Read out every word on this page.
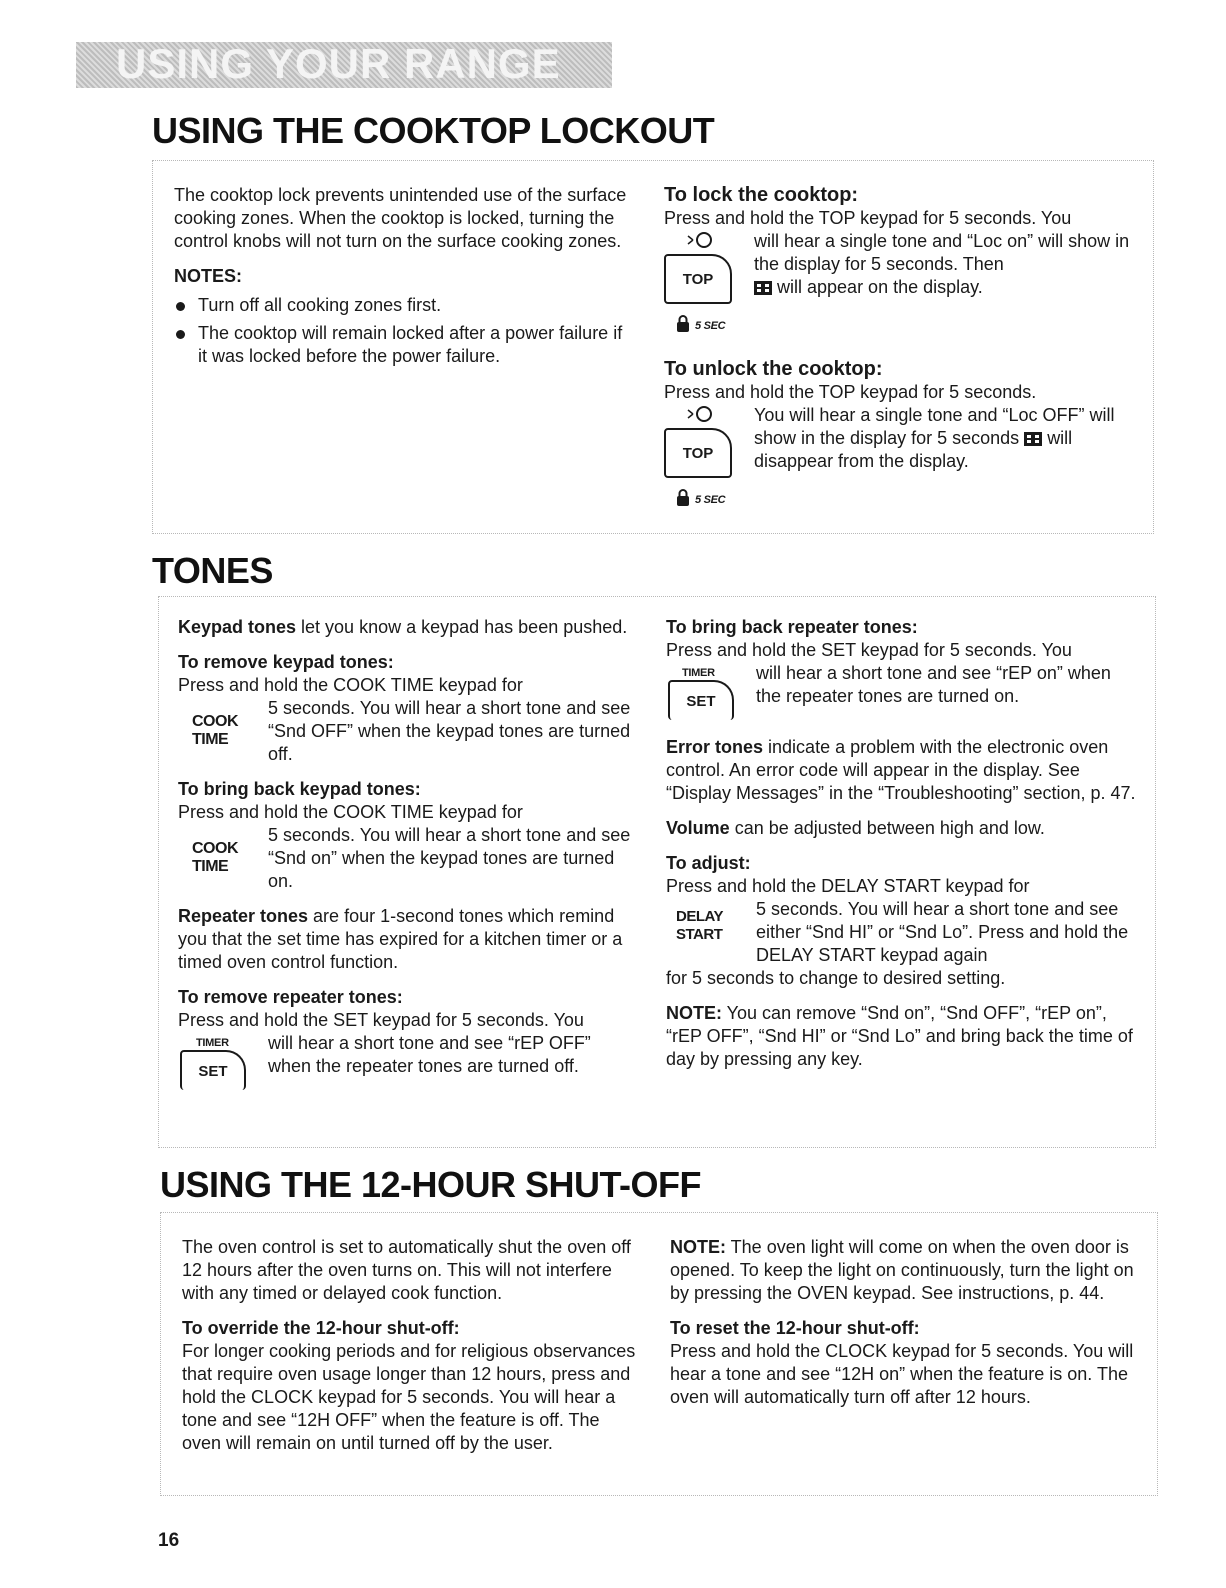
USING YOUR RANGE
USING THE COOKTOP LOCKOUT

The cooktop lock prevents unintended use of the surface cooking zones. When the cooktop is locked, turning the control knobs will not turn on the surface cooking zones.

NOTES:

Turn off all cooking zones first.
The cooktop will remain locked after a power failure if it was locked before the power failure.

To lock the cooktop:

Press and hold the TOP keypad for 5 seconds. You

TOP
5 SEC
will hear a single tone and “Loc on” will show in the display for 5 seconds. Then
will appear on the display.

To unlock the cooktop:

Press and hold the TOP keypad for 5 seconds.

TOP
5 SEC
You will hear a single tone and “Loc OFF” will show in the display for 5 seconds will disappear from the display.
TONES

Keypad tones let you know a keypad has been pushed.

To remove keypad tones:

Press and hold the COOK TIME keypad for

COOK
TIME
5 seconds. You will hear a short tone and see “Snd OFF” when the keypad tones are turned off.

To bring back keypad tones:

Press and hold the COOK TIME keypad for

COOK
TIME
5 seconds. You will hear a short tone and see “Snd on” when the keypad tones are turned on.

Repeater tones are four 1-second tones which remind you that the set time has expired for a kitchen timer or a timed oven control function.

To remove repeater tones:

Press and hold the SET keypad for 5 seconds. You

TIMER
SET
will hear a short tone and see “rEP OFF” when the repeater tones are turned off.

To bring back repeater tones:

Press and hold the SET keypad for 5 seconds. You

TIMER
SET
will hear a short tone and see “rEP on” when the repeater tones are turned on.

Error tones indicate a problem with the electronic oven control. An error code will appear in the display. See “Display Messages” in the “Troubleshooting” section, p. 47.

Volume can be adjusted between high and low.

To adjust:

Press and hold the DELAY START keypad for

DELAY
START
5 seconds. You will hear a short tone and see either “Snd HI” or “Snd Lo”. Press and hold the DELAY START keypad again

for 5 seconds to change to desired setting.

NOTE: You can remove “Snd on”, “Snd OFF”, “rEP on”, “rEP OFF”, “Snd HI” or “Snd Lo” and bring back the time of day by pressing any key.

USING THE 12-HOUR SHUT-OFF

The oven control is set to automatically shut the oven off 12 hours after the oven turns on. This will not interfere with any timed or delayed cook function.

To override the 12-hour shut-off:

For longer cooking periods and for religious observances that require oven usage longer than 12 hours, press and hold the CLOCK keypad for 5 seconds. You will hear a tone and see “12H OFF” when the feature is off. The oven will remain on until turned off by the user.

NOTE: The oven light will come on when the oven door is opened. To keep the light on continuously, turn the light on by pressing the OVEN keypad. See instructions, p. 44.

To reset the 12-hour shut-off:

Press and hold the CLOCK keypad for 5 seconds. You will hear a tone and see “12H on” when the feature is on. The oven will automatically turn off after 12 hours.

16
